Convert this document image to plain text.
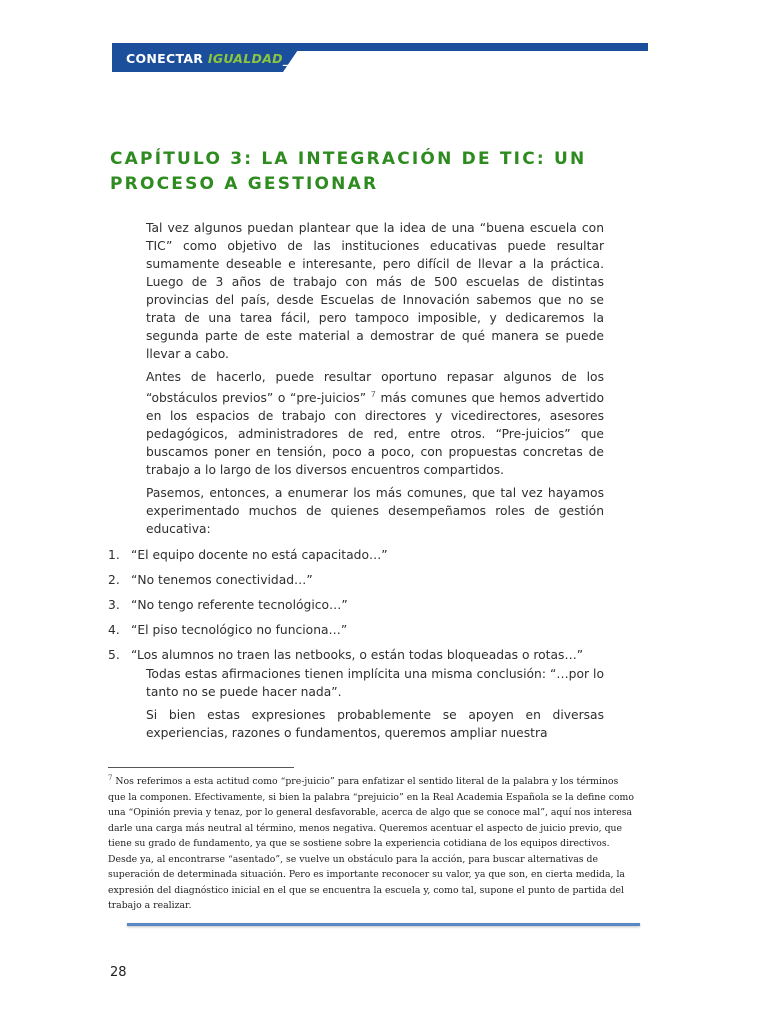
CONECTAR IGUALDAD_
CAPÍTULO 3: LA INTEGRACIÓN DE TIC: UN PROCESO A GESTIONAR

Tal vez algunos puedan plantear que la idea de una “buena escuela con TIC” como objetivo de las instituciones educativas puede resultar sumamente deseable e interesante, pero difícil de llevar a la práctica. Luego de 3 años de trabajo con más de 500 escuelas de distintas provincias del país, desde Escuelas de Innovación sabemos que no se trata de una tarea fácil, pero tampoco imposible, y dedicaremos la segunda parte de este material a demostrar de qué manera se puede llevar a cabo.

Antes de hacerlo, puede resultar oportuno repasar algunos de los “obstáculos previos” o “pre-juicios” $^7$ más comunes que hemos advertido en los espacios de trabajo con directores y vicedirectores, asesores pedagógicos, administradores de red, entre otros. “Pre-juicios” que buscamos poner en tensión, poco a poco, con propuestas concretas de trabajo a lo largo de los diversos encuentros compartidos.

Pasemos, entonces, a enumerar los más comunes, que tal vez hayamos experimentado muchos de quienes desempeñamos roles de gestión educativa:

1. “El equipo docente no está capacitado…”
2. “No tenemos conectividad…”
3. “No tengo referente tecnológico…”
4. “El piso tecnológico no funciona…”
5. “Los alumnos no traen las netbooks, o están todas bloqueadas o rotas…”

Todas estas afirmaciones tienen implícita una misma conclusión: “…por lo tanto no se puede hacer nada”.

Si bien estas expresiones probablemente se apoyen en diversas experiencias, razones o fundamentos, queremos ampliar nuestra

$^7$ Nos referimos a esta actitud como “pre-juicio” para enfatizar el sentido literal de la palabra y los términos que la componen. Efectivamente, si bien la palabra “prejuicio” en la Real Academia Española se la define como una “Opinión previa y tenaz, por lo general desfavorable, acerca de algo que se conoce mal”, aquí nos interesa darle una carga más neutral al término, menos negativa. Queremos acentuar el aspecto de juicio previo, que tiene su grado de fundamento, ya que se sostiene sobre la experiencia cotidiana de los equipos directivos. Desde ya, al encontrarse “asentado”, se vuelve un obstáculo para la acción, para buscar alternativas de superación de determinada situación. Pero es importante reconocer su valor, ya que son, en cierta medida, la expresión del diagnóstico inicial en el que se encuentra la escuela y, como tal, supone el punto de partida del trabajo a realizar.

28
